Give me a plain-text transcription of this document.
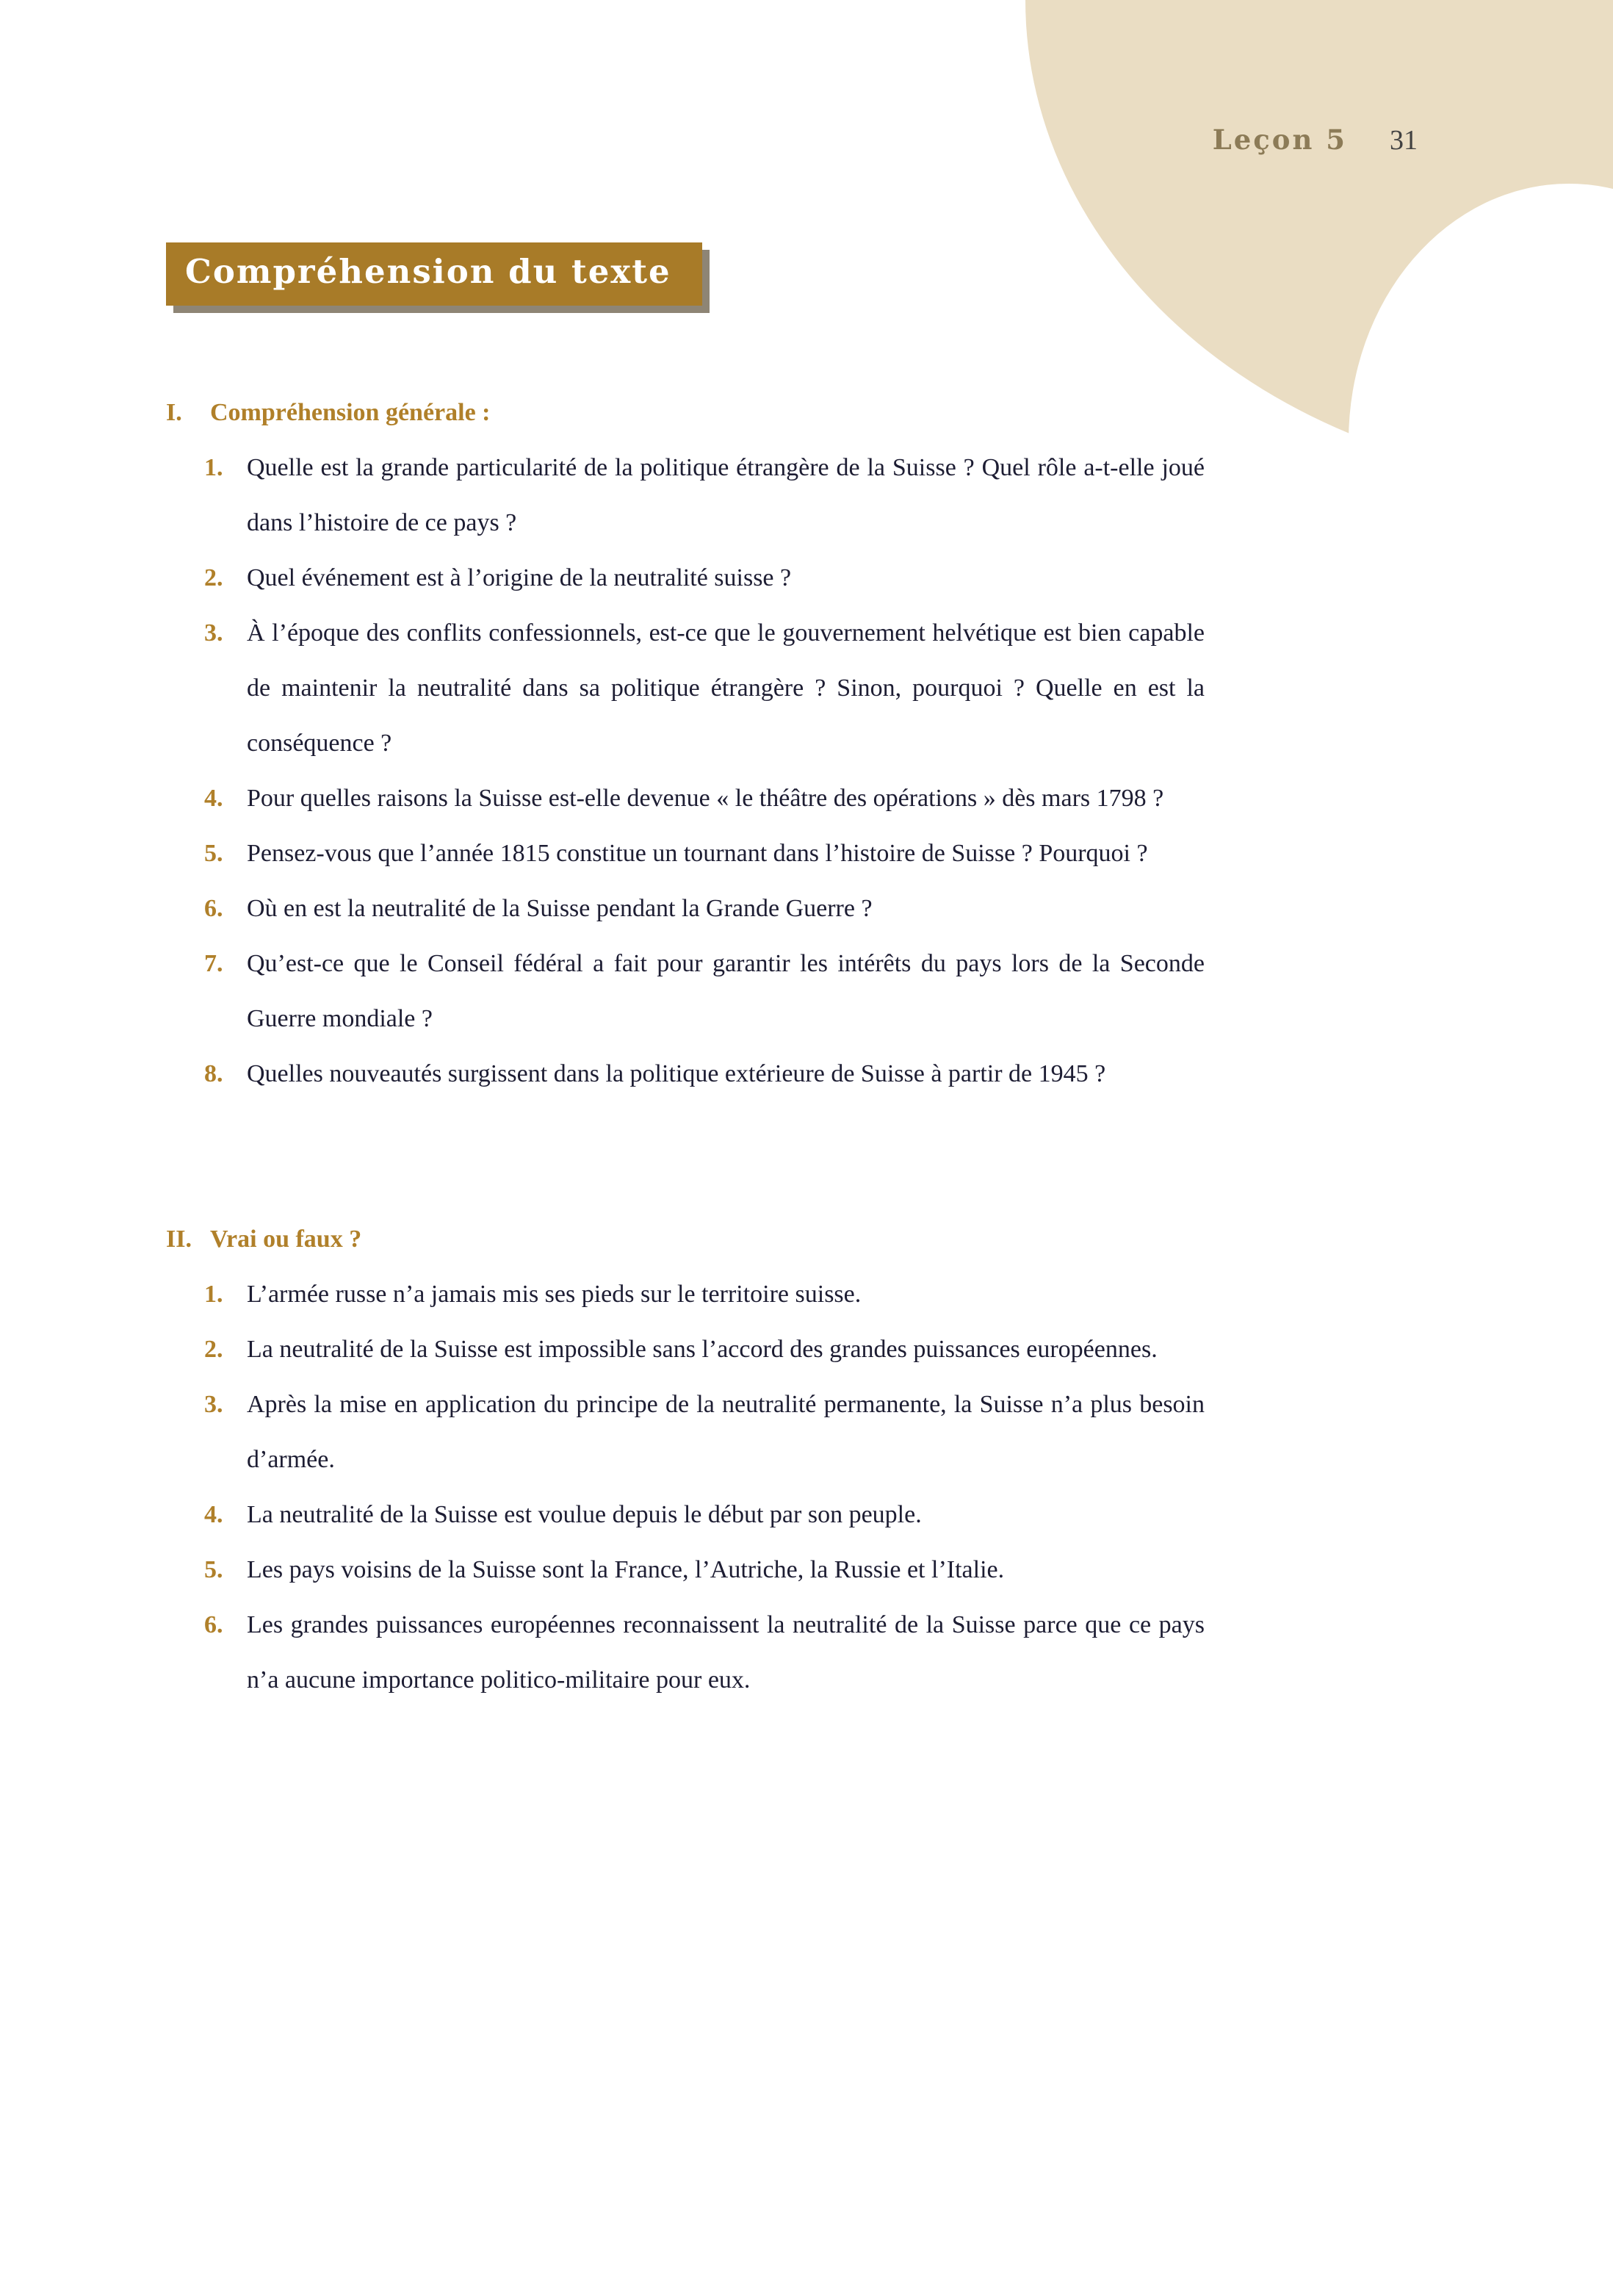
Leçon 5 31
Compréhension du texte
I.	Compréhension générale :
1. Quelle est la grande particularité de la politique étrangère de la Suisse ? Quel rôle a-t-elle joué dans l’histoire de ce pays ?
2. Quel événement est à l’origine de la neutralité suisse ?
3. À l’époque des conflits confessionnels, est-ce que le gouvernement helvétique est bien capable de maintenir la neutralité dans sa politique étrangère ? Sinon, pourquoi ? Quelle en est la conséquence ?
4. Pour quelles raisons la Suisse est-elle devenue « le théâtre des opérations » dès mars 1798 ?
5. Pensez-vous que l’année 1815 constitue un tournant dans l’histoire de Suisse ? Pourquoi ?
6. Où en est la neutralité de la Suisse pendant la Grande Guerre ?
7. Qu’est-ce que le Conseil fédéral a fait pour garantir les intérêts du pays lors de la Seconde Guerre mondiale ?
8. Quelles nouveautés surgissent dans la politique extérieure de Suisse à partir de 1945 ?
II. Vrai ou faux ?
1. L’armée russe n’a jamais mis ses pieds sur le territoire suisse.
2. La neutralité de la Suisse est impossible sans l’accord des grandes puissances européennes.
3. Après la mise en application du principe de la neutralité permanente, la Suisse n’a plus besoin d’armée.
4. La neutralité de la Suisse est voulue depuis le début par son peuple.
5. Les pays voisins de la Suisse sont la France, l’Autriche, la Russie et l’Italie.
6. Les grandes puissances européennes reconnaissent la neutralité de la Suisse parce que ce pays n’a aucune importance politico-militaire pour eux.
